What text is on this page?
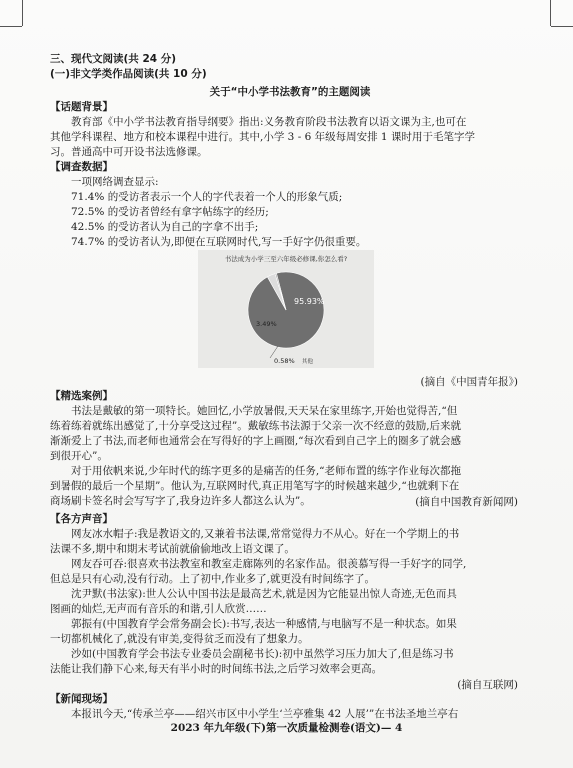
三、现代文阅读(共 24 分)
(一)非文学类作品阅读(共 10 分)
关于“中小学书法教育”的主题阅读
【话题背景】
教育部《中小学书法教育指导纲要》指出:义务教育阶段书法教育以语文课为主,也可在
其他学科课程、地方和校本课程中进行。其中,小学 3 - 6 年级每周安排 1 课时用于毛笔字学
习。普通高中可开设书法选修课。
【调查数据】
一项网络调查显示:
71.4% 的受访者表示一个人的字代表着一个人的形象气质;
72.5% 的受访者曾经有拿字帖练字的经历;
42.5% 的受访者认为自己的字拿不出手;
74.7% 的受访者认为,即便在互联网时代,写一手好字仍很重要。
书法成为小学三至六年级必修课,你怎么看?
95.93%
3.49%
0.58% 其他
(摘自《中国青年报》)
【精选案例】
书法是戴敏的第一项特长。她回忆,小学放暑假,天天呆在家里练字,开始也觉得苦,“但
练着练着就练出感觉了,十分享受这过程”。戴敏练书法源于父亲一次不经意的鼓励,后来就
渐渐爱上了书法,而老师也通常会在写得好的字上画圈,“每次看到自己字上的圈多了就会感
到很开心”。
对于用依帆来说,少年时代的练字更多的是痛苦的任务,“老师布置的练字作业每次都拖
到暑假的最后一个星期”。他认为,互联网时代,真正用笔写字的时候越来越少,“也就剩下在
商场刷卡签名时会写写字了,我身边许多人都这么认为”。	(摘自中国教育新闻网)
【各方声音】
网友冰水帽子:我是教语文的,又兼着书法课,常常觉得力不从心。好在一个学期上的书
法课不多,期中和期末考试前就偷偷地改上语文课了。
网友吞可吞:很喜欢书法教室和教室走廊陈列的名家作品。很羡慕写得一手好字的同学,
但总是只有心动,没有行动。上了初中,作业多了,就更没有时间练字了。
沈尹默(书法家):世人公认中国书法是最高艺术,就是因为它能显出惊人奇迹,无色而具
图画的灿烂,无声而有音乐的和谐,引人欣赏……
郭振有(中国教育学会常务副会长):书写,表达一种感情,与电脑写不是一种状态。如果
一切都机械化了,就没有审美,变得贫乏而没有了想象力。
沙如(中国教育学会书法专业委员会副秘书长):初中虽然学习压力加大了,但是练习书
法能让我们静下心来,每天有半小时的时间练书法,之后学习效率会更高。
(摘自互联网)
【新闻现场】
本报讯今天,“传承兰亭——绍兴市区中小学生‘兰亭雅集 42 人展’”在书法圣地兰亭右
2023 年九年级(下)第一次质量检测卷(语文)— 4
